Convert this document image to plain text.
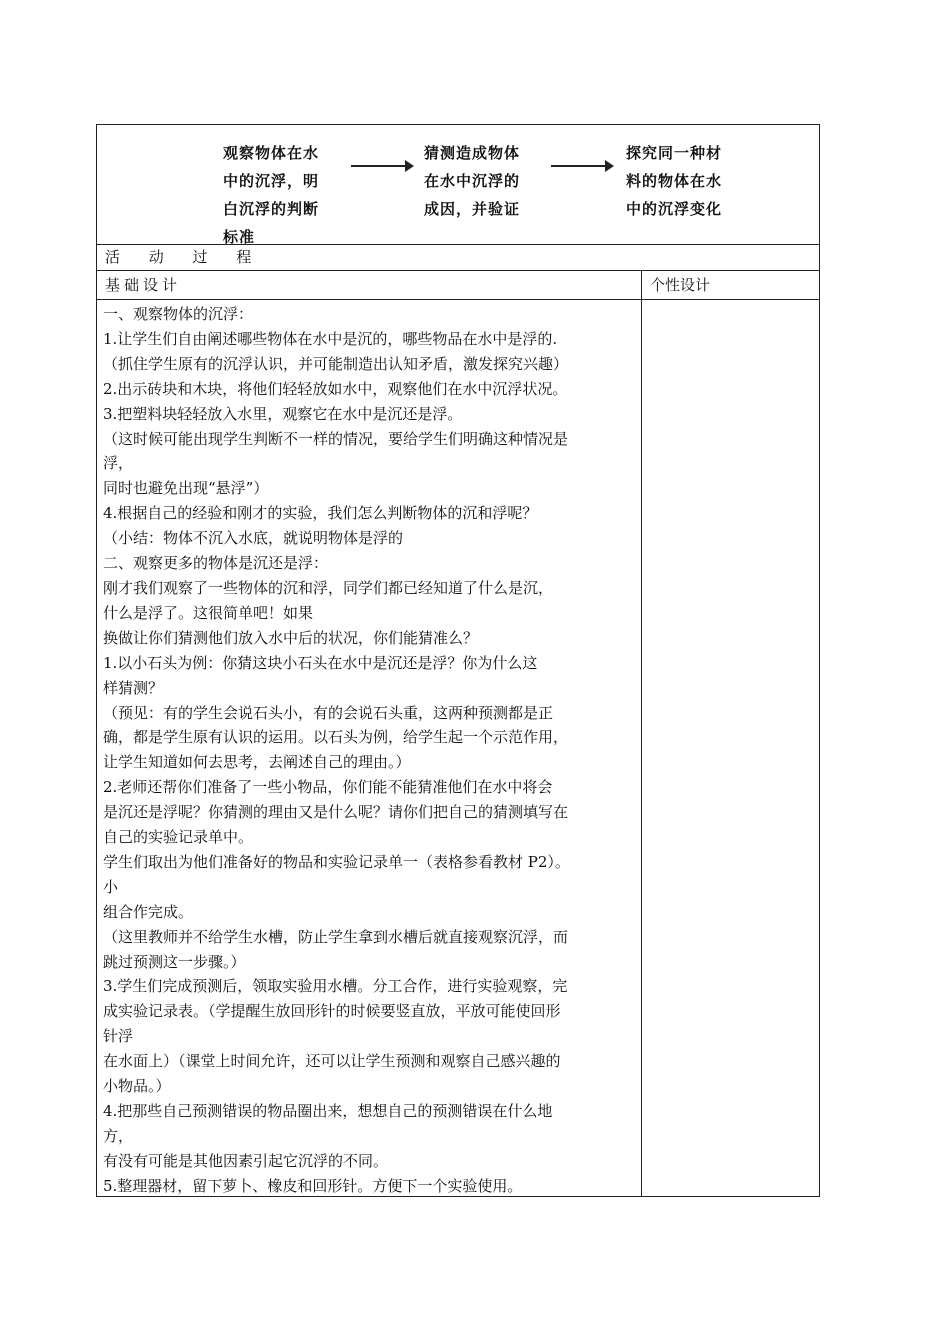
观察物体在水
中的沉浮，明
白沉浮的判断
标准
猜测造成物体
在水中沉浮的
成因，并验证
探究同一种材
料的物体在水
中的沉浮变化
活 动 过 程
基础设计	个性设计
一、观察物体的沉浮：
1.让学生们自由阐述哪些物体在水中是沉的，哪些物品在水中是浮的.
（抓住学生原有的沉浮认识，并可能制造出认知矛盾，激发探究兴趣）
2.出示砖块和木块，将他们轻轻放如水中，观察他们在水中沉浮状况。
3.把塑料块轻轻放入水里，观察它在水中是沉还是浮。
（这时候可能出现学生判断不一样的情况，要给学生们明确这种情况是
浮，
同时也避免出现“悬浮”）
4.根据自己的经验和刚才的实验，我们怎么判断物体的沉和浮呢？
（小结：物体不沉入水底，就说明物体是浮的
二、观察更多的物体是沉还是浮：
刚才我们观察了一些物体的沉和浮，同学们都已经知道了什么是沉，
什么是浮了。这很简单吧！如果
换做让你们猜测他们放入水中后的状况，你们能猜准么？
1.以小石头为例：你猜这块小石头在水中是沉还是浮？你为什么这
样猜测？
（预见：有的学生会说石头小，有的会说石头重，这两种预测都是正
确，都是学生原有认识的运用。以石头为例，给学生起一个示范作用，
让学生知道如何去思考，去阐述自己的理由。）
2.老师还帮你们准备了一些小物品，你们能不能猜准他们在水中将会
是沉还是浮呢？你猜测的理由又是什么呢？请你们把自己的猜测填写在
自己的实验记录单中。
学生们取出为他们准备好的物品和实验记录单一（表格参看教材 P2）。
小
组合作完成。
（这里教师并不给学生水槽，防止学生拿到水槽后就直接观察沉浮，而
跳过预测这一步骤。）
3.学生们完成预测后，领取实验用水槽。分工合作，进行实验观察，完
成实验记录表。（学提醒生放回形针的时候要竖直放，平放可能使回形
针浮
在水面上）（课堂上时间允许，还可以让学生预测和观察自己感兴趣的
小物品。）
4.把那些自己预测错误的物品圈出来，想想自己的预测错误在什么地
方，
有没有可能是其他因素引起它沉浮的不同。
5.整理器材，留下萝卜、橡皮和回形针。方便下一个实验使用。
